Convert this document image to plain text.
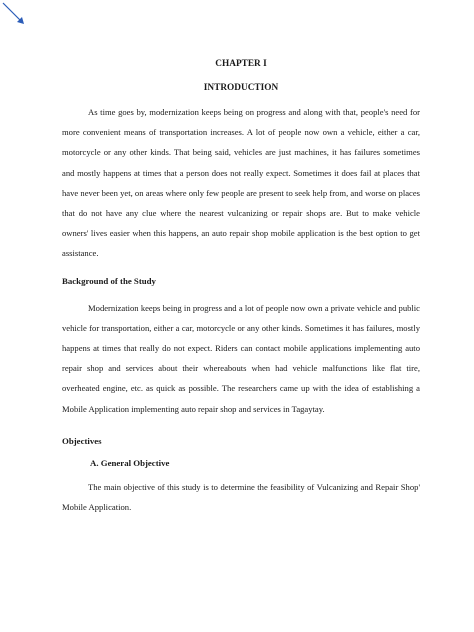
CHAPTER I
INTRODUCTION

As time goes by, modernization keeps being on progress and along with that, people's need for more convenient means of transportation increases. A lot of people now own a vehicle, either a car, motorcycle or any other kinds. That being said, vehicles are just machines, it has failures sometimes and mostly happens at times that a person does not really expect. Sometimes it does fail at places that have never been yet, on areas where only few people are present to seek help from, and worse on places that do not have any clue where the nearest vulcanizing or repair shops are. But to make vehicle owners' lives easier when this happens, an auto repair shop mobile application is the best option to get assistance.

Background of the Study

Modernization keeps being in progress and a lot of people now own a private vehicle and public vehicle for transportation, either a car, motorcycle or any other kinds. Sometimes it has failures, mostly happens at times that really do not expect. Riders can contact mobile applications implementing auto repair shop and services about their whereabouts when had vehicle malfunctions like flat tire, overheated engine, etc. as quick as possible. The researchers came up with the idea of establishing a Mobile Application implementing auto repair shop and services in Tagaytay.

Objectives
A. General Objective

The main objective of this study is to determine the feasibility of Vulcanizing and Repair Shop' Mobile Application.
